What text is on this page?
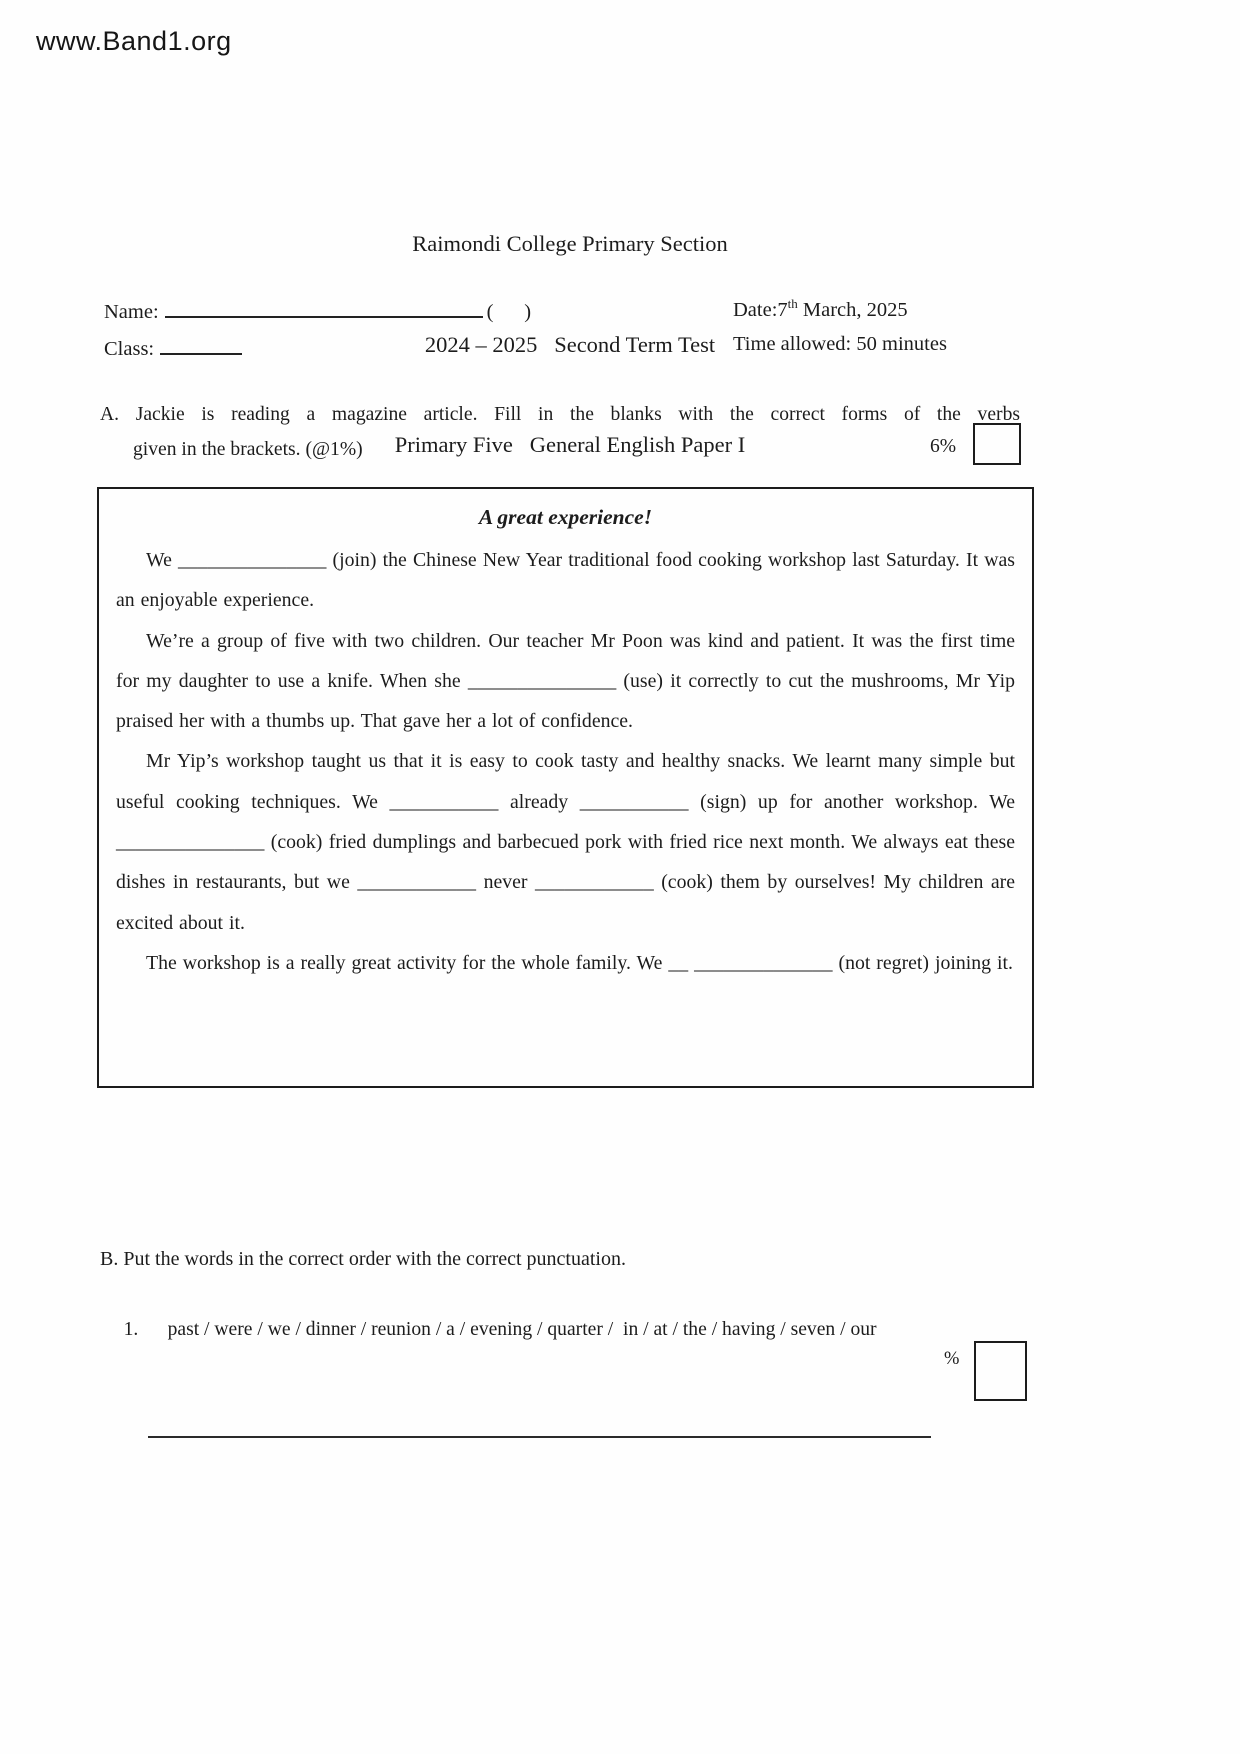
www.Band1.org

Raimondi College Primary Section

2024 – 2025   Second Term Test

Primary Five   General English Paper I

Name:	(      )	Date:7th March, 2025
Class:	Time allowed: 50 minutes
A. Jackie is reading a magazine article. Fill in the blanks with the correct forms of the verbs
given in the brackets. (@1%)	6%
A great experience!

We _______________ (join) the Chinese New Year traditional food cooking workshop last Saturday. It was an enjoyable experience.

We’re a group of five with two children. Our teacher Mr Poon was kind and patient. It was the first time for my daughter to use a knife. When she _______________ (use) it correctly to cut the mushrooms, Mr Yip praised her with a thumbs up. That gave her a lot of confidence.

Mr Yip’s workshop taught us that it is easy to cook tasty and healthy snacks. We learnt many simple but useful cooking techniques. We ___________ already ___________ (sign) up for another workshop. We _______________ (cook) fried dumplings and barbecued pork with fried rice next month. We always eat these dishes in restaurants, but we ____________ never ____________ (cook) them by ourselves! My children are excited about it.

The workshop is a really great activity for the whole family. We __ ______________ (not regret) joining it.

B. Put the words in the correct order with the correct punctuation.

1. past / were / we / dinner / reunion / a / evening / quarter /  in / at / the / having / seven / our

%
